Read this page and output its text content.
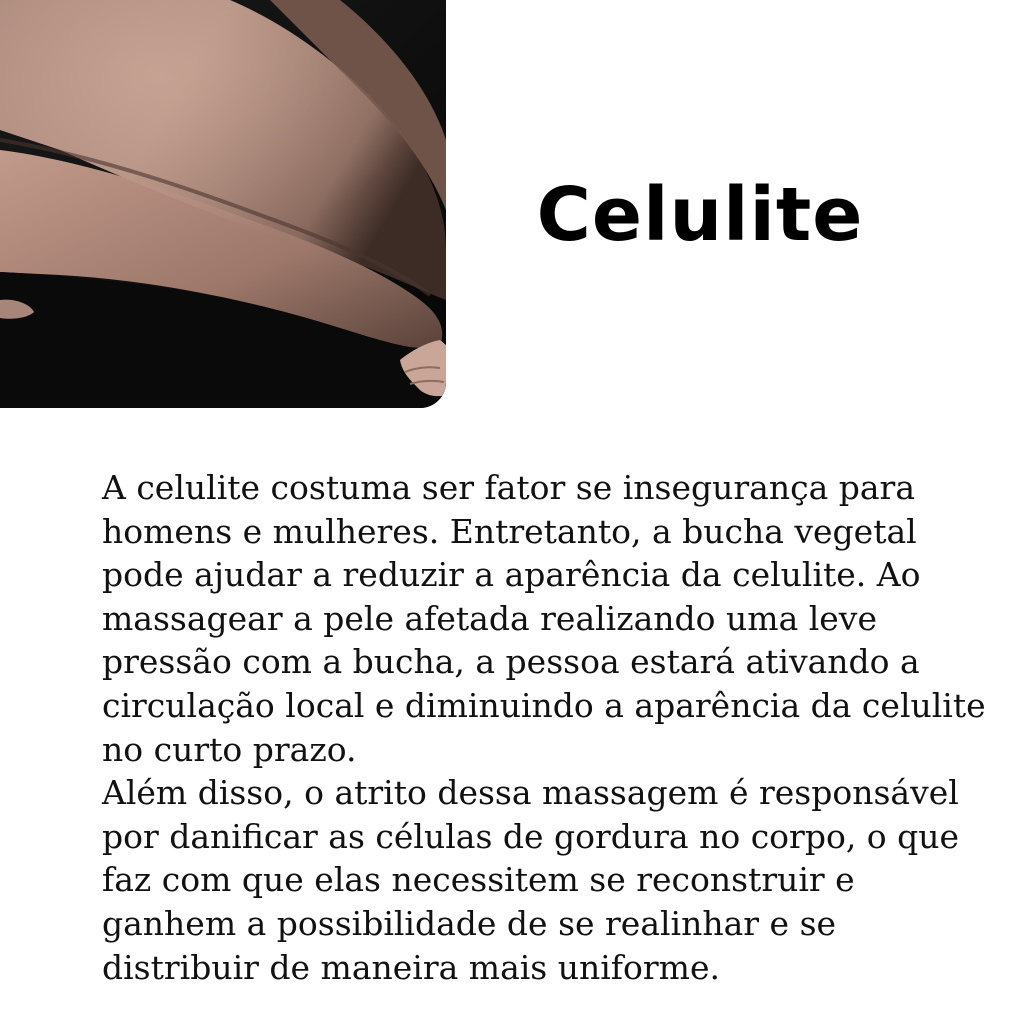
Celulite

A celulite costuma ser fator se insegurança para homens e mulheres. Entretanto, a bucha vegetal pode ajudar a reduzir a aparência da celulite. Ao massagear a pele afetada realizando uma leve pressão com a bucha, a pessoa estará ativando a circulação local e diminuindo a aparência da celulite no curto prazo.

Além disso, o atrito dessa massagem é responsável por danificar as células de gordura no corpo, o que faz com que elas necessitem se reconstruir e ganhem a possibilidade de se realinhar e se distribuir de maneira mais uniforme.
